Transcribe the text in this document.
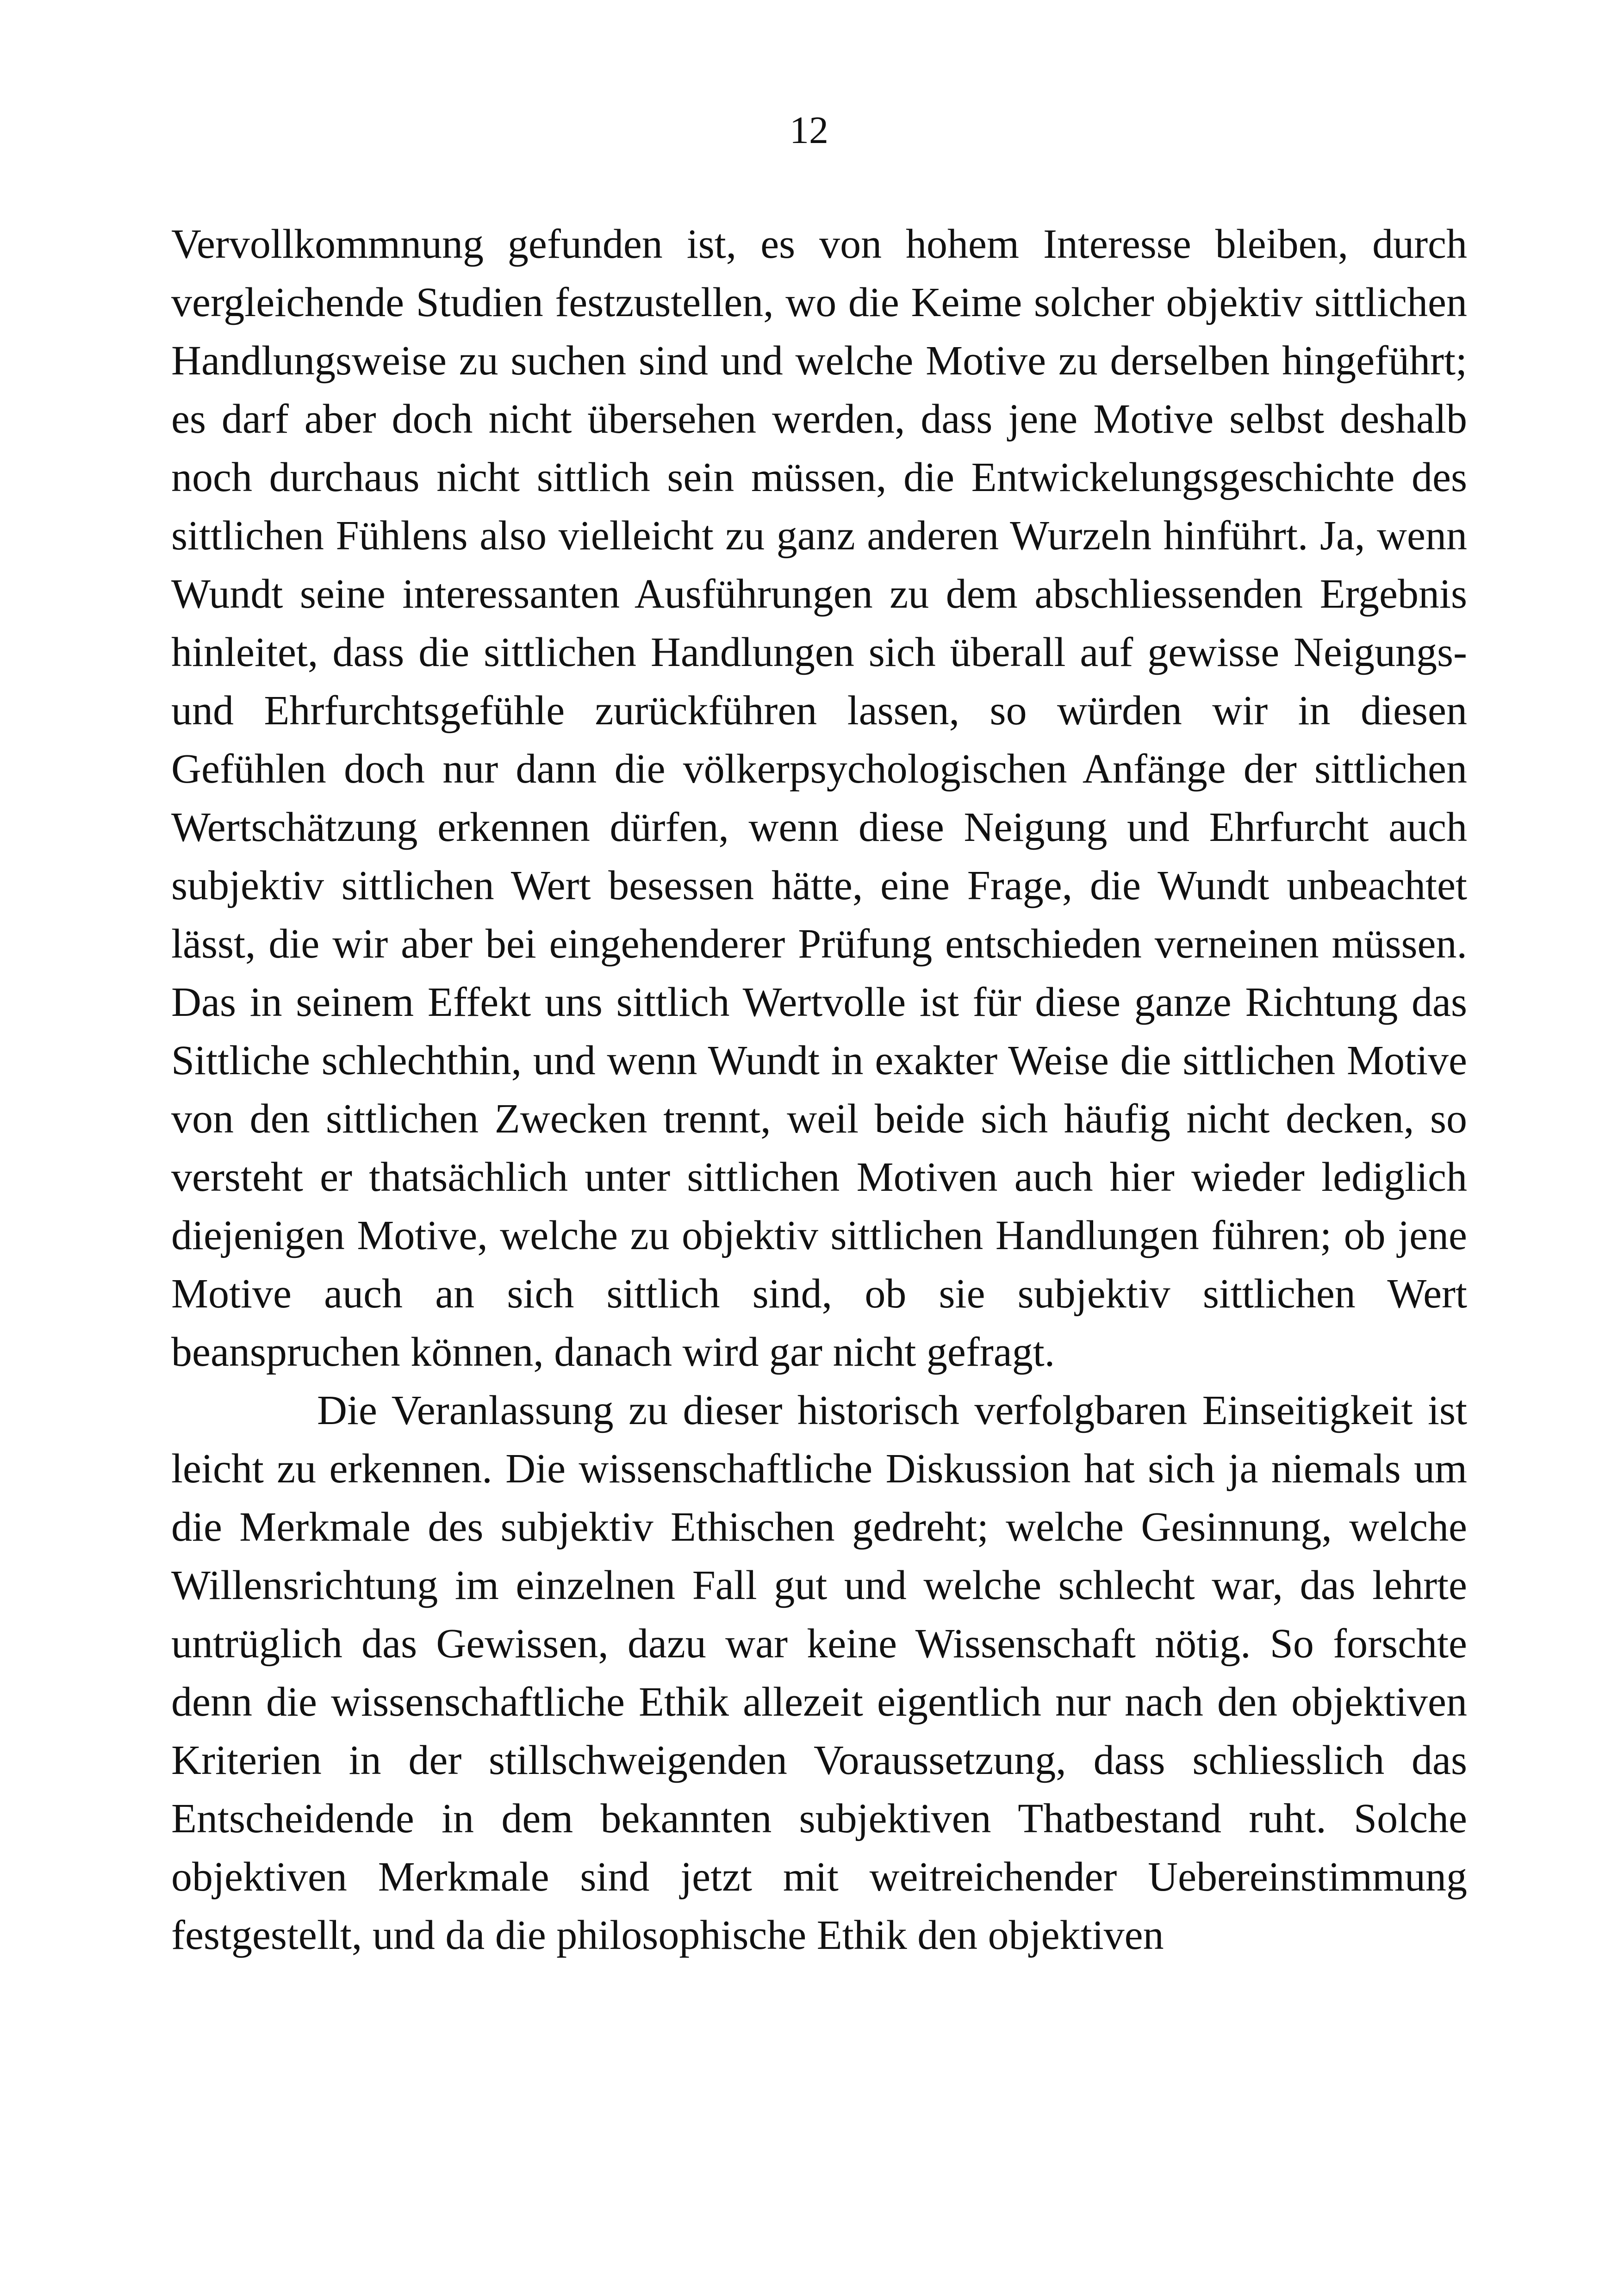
12

Vervollkommnung gefunden ist, es von hohem Interesse bleiben, durch vergleichende Studien festzustellen, wo die Keime solcher objektiv sittlichen Handlungsweise zu suchen sind und welche Motive zu derselben hingeführt; es darf aber doch nicht übersehen werden, dass jene Motive selbst deshalb noch durchaus nicht sittlich sein müssen, die Entwickelungsgeschichte des sittlichen Fühlens also vielleicht zu ganz anderen Wurzeln hinführt. Ja, wenn Wundt seine interessanten Ausführungen zu dem abschliessenden Ergebnis hinleitet, dass die sittlichen Handlungen sich überall auf gewisse Neigungs- und Ehrfurchtsgefühle zurückführen lassen, so würden wir in diesen Gefühlen doch nur dann die völkerpsychologischen Anfänge der sittlichen Wertschätzung erkennen dürfen, wenn diese Neigung und Ehrfurcht auch subjektiv sittlichen Wert besessen hätte, eine Frage, die Wundt unbeachtet lässt, die wir aber bei eingehenderer Prüfung entschieden verneinen müssen. Das in seinem Effekt uns sittlich Wertvolle ist für diese ganze Richtung das Sittliche schlechthin, und wenn Wundt in exakter Weise die sittlichen Motive von den sittlichen Zwecken trennt, weil beide sich häufig nicht decken, so versteht er thatsächlich unter sittlichen Motiven auch hier wieder lediglich diejenigen Motive, welche zu objektiv sittlichen Handlungen führen; ob jene Motive auch an sich sittlich sind, ob sie subjektiv sittlichen Wert beanspruchen können, danach wird gar nicht gefragt.

Die Veranlassung zu dieser historisch verfolgbaren Einseitigkeit ist leicht zu erkennen. Die wissenschaftliche Diskussion hat sich ja niemals um die Merkmale des subjektiv Ethischen gedreht; welche Gesinnung, welche Willensrichtung im einzelnen Fall gut und welche schlecht war, das lehrte untrüglich das Gewissen, dazu war keine Wissenschaft nötig. So forschte denn die wissenschaftliche Ethik allezeit eigentlich nur nach den objektiven Kriterien in der stillschweigenden Voraussetzung, dass schliesslich das Entscheidende in dem bekannten subjektiven Thatbestand ruht. Solche objektiven Merkmale sind jetzt mit weitreichender Uebereinstimmung festgestellt, und da die philosophische Ethik den objektiven
